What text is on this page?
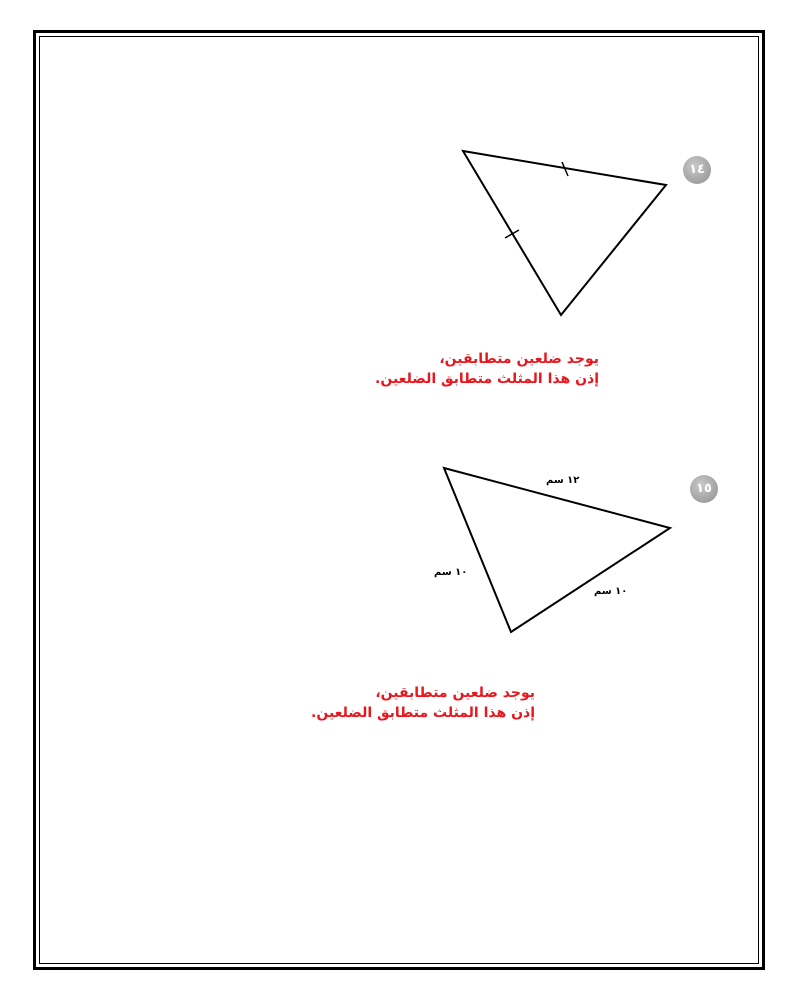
١٤
يوجد ضلعين متطابقين،
إذن هذا المثلث متطابق الضلعين.
١٥
١٢ سم
١٠ سم
١٠ سم
يوجد ضلعين متطابقين،
إذن هذا المثلث متطابق الضلعين.
